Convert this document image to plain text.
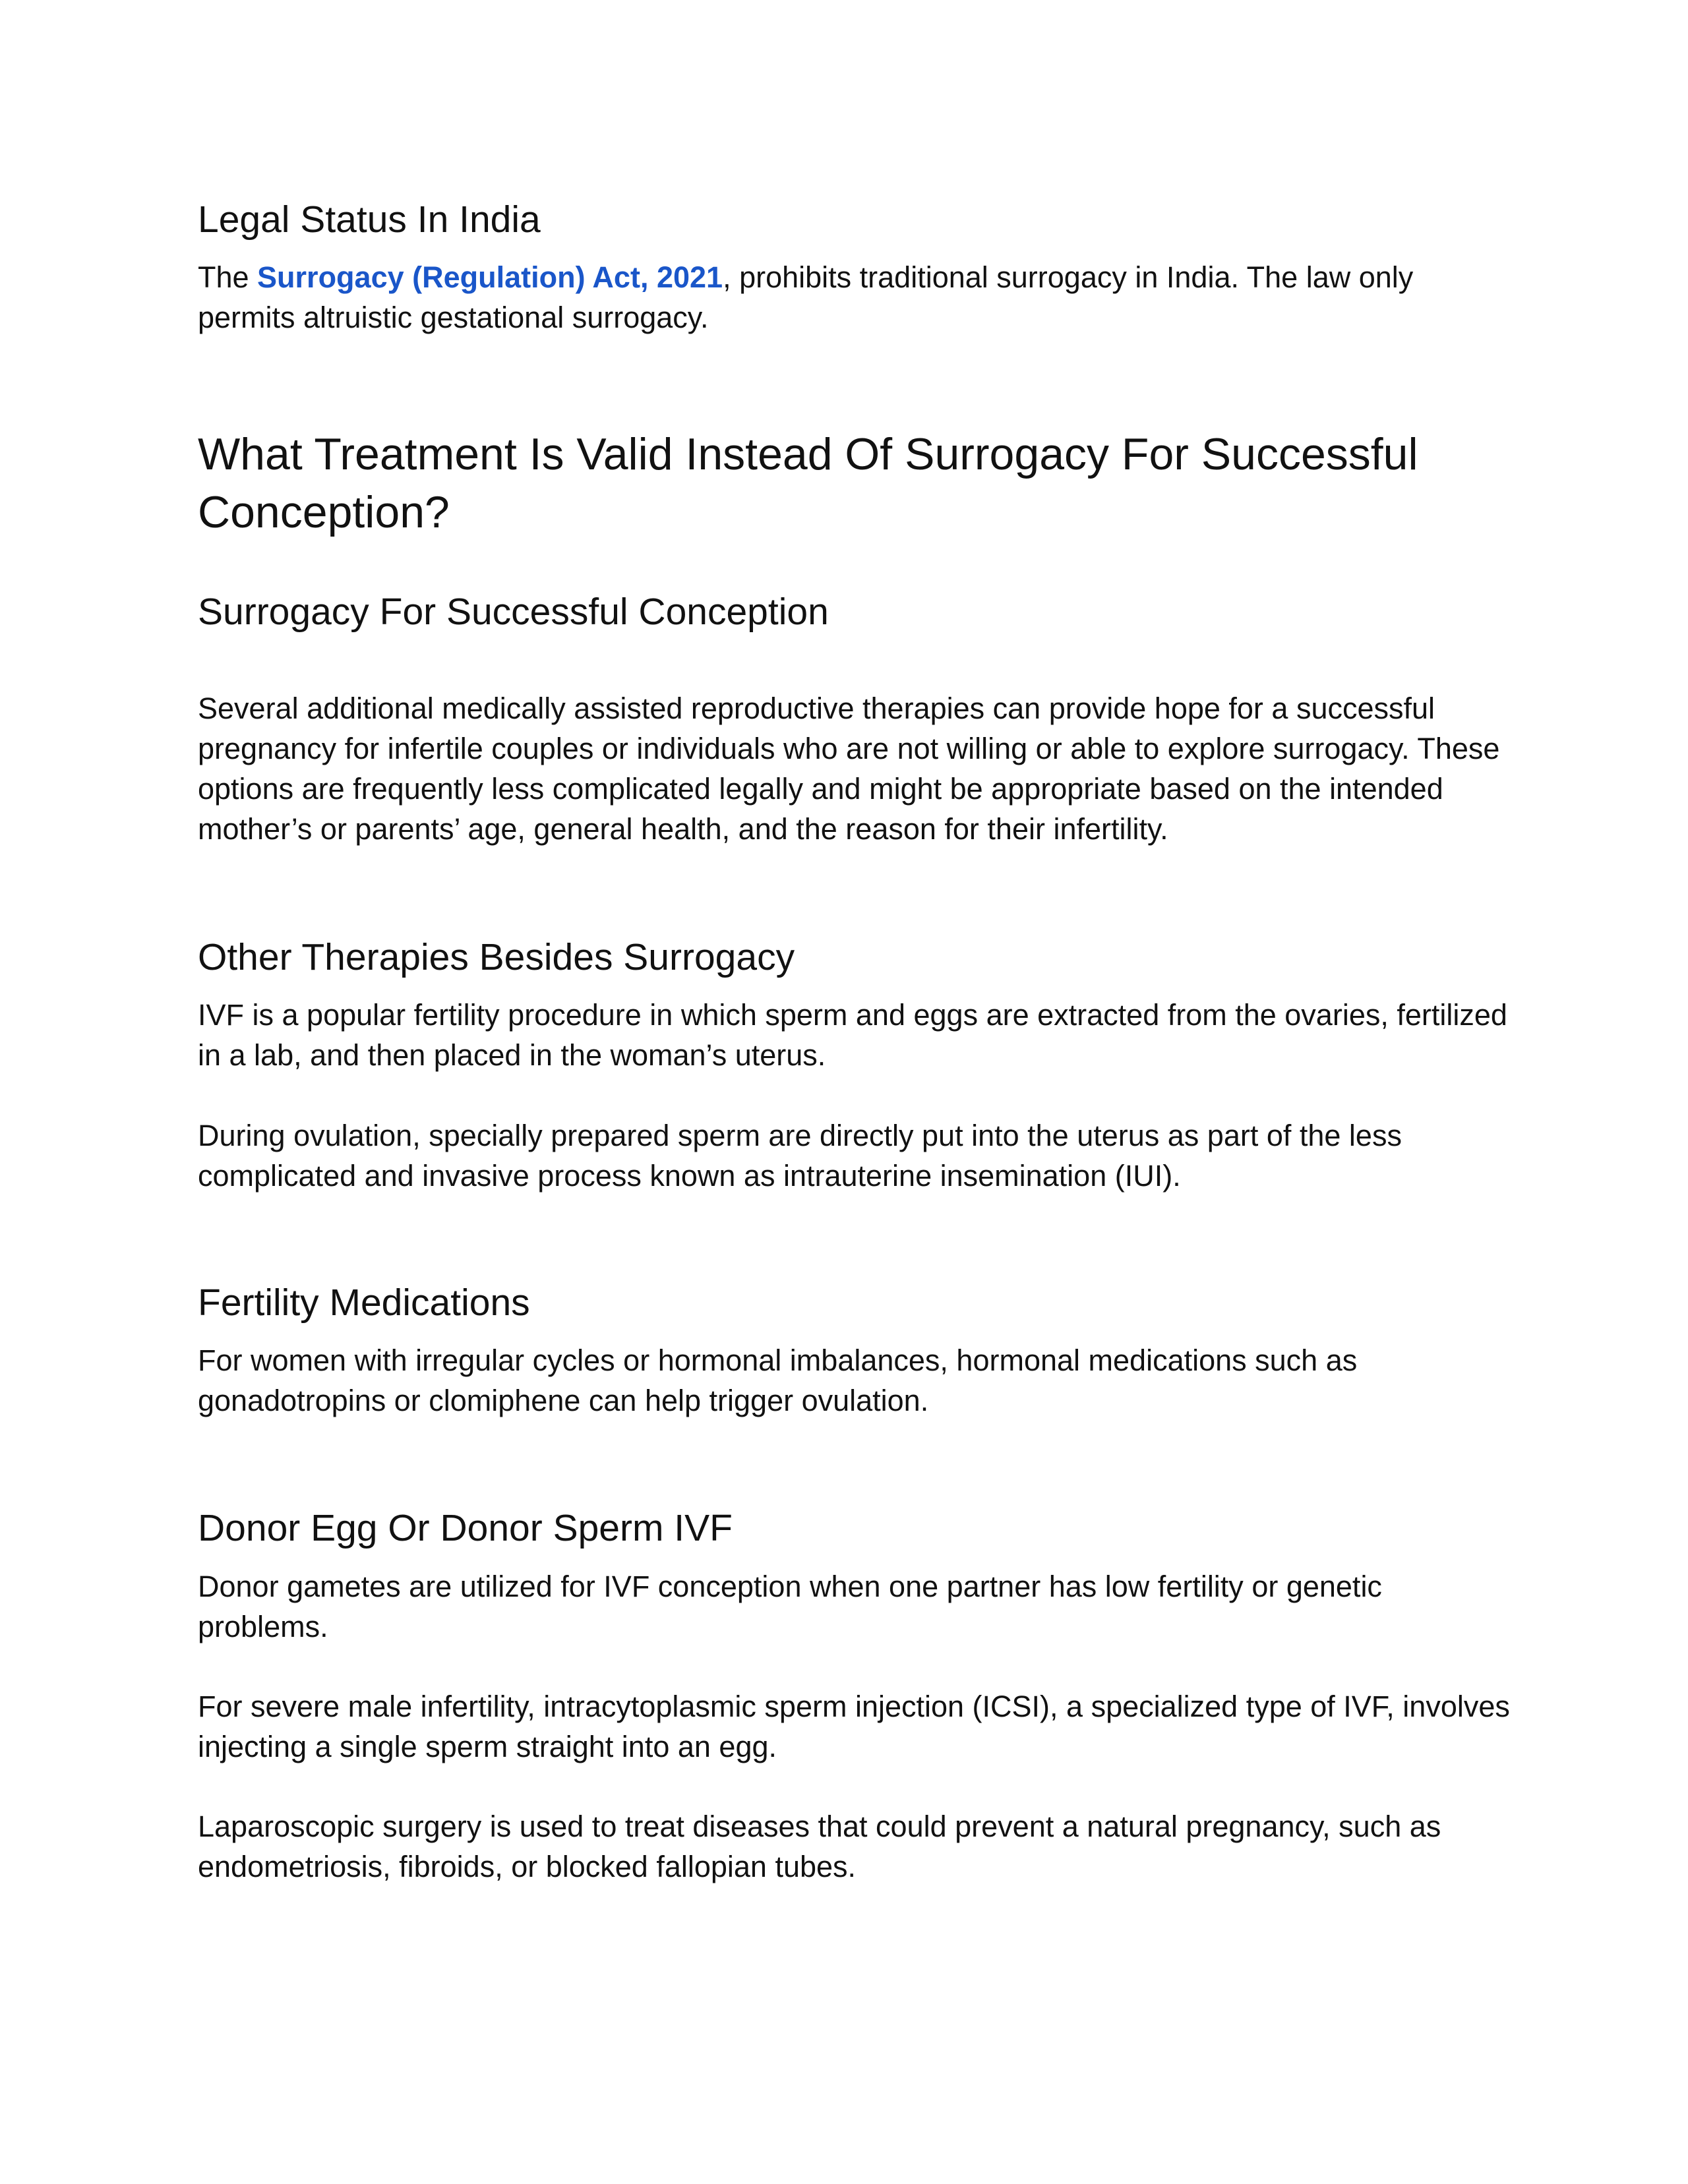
Legal Status In India

The Surrogacy (Regulation) Act, 2021, prohibits traditional surrogacy in India. The law only permits altruistic gestational surrogacy.

What Treatment Is Valid Instead Of Surrogacy For Successful Conception?
Surrogacy For Successful Conception

Several additional medically assisted reproductive therapies can provide hope for a successful pregnancy for infertile couples or individuals who are not willing or able to explore surrogacy. These options are frequently less complicated legally and might be appropriate based on the intended mother’s or parents’ age, general health, and the reason for their infertility.

Other Therapies Besides Surrogacy

IVF is a popular fertility procedure in which sperm and eggs are extracted from the ovaries, fertilized in a lab, and then placed in the woman’s uterus.

During ovulation, specially prepared sperm are directly put into the uterus as part of the less complicated and invasive process known as intrauterine insemination (IUI).

Fertility Medications

For women with irregular cycles or hormonal imbalances, hormonal medications such as gonadotropins or clomiphene can help trigger ovulation.

Donor Egg Or Donor Sperm IVF

Donor gametes are utilized for IVF conception when one partner has low fertility or genetic problems.

For severe male infertility, intracytoplasmic sperm injection (ICSI), a specialized type of IVF, involves injecting a single sperm straight into an egg.

Laparoscopic surgery is used to treat diseases that could prevent a natural pregnancy, such as endometriosis, fibroids, or blocked fallopian tubes.
